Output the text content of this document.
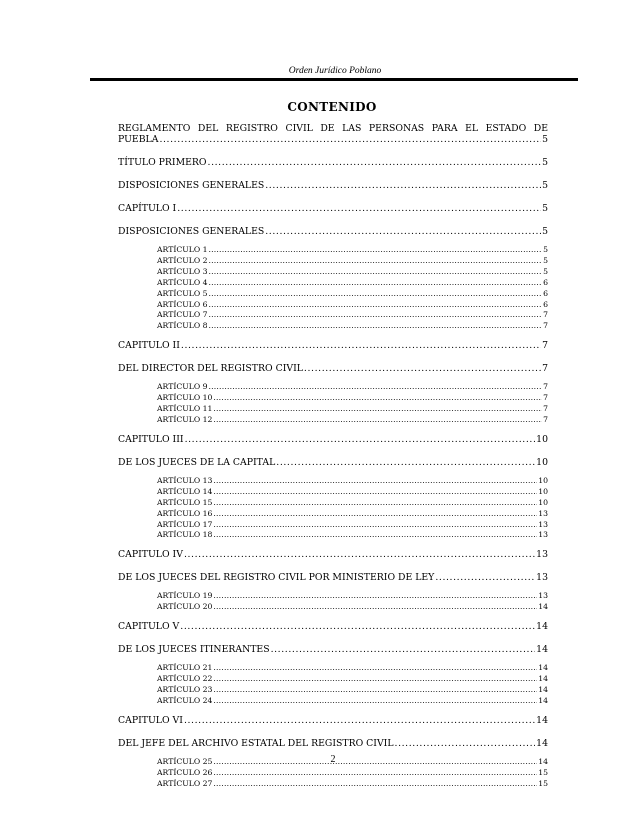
Orden Jurídico Poblano
CONTENIDO
REGLAMENTO DEL REGISTRO CIVIL DE LAS PERSONAS PARA EL ESTADO DE
PUEBLA .....	5
TÍTULO PRIMERO .....	5
DISPOSICIONES GENERALES .....	5
CAPÍTULO I .....	5
DISPOSICIONES GENERALES .....	5
ARTÍCULO 1 .....	5
ARTÍCULO 2 .....	5
ARTÍCULO 3 .....	5
ARTÍCULO 4 .....	6
ARTÍCULO 5 .....	6
ARTÍCULO 6 .....	6
ARTÍCULO 7 .....	7
ARTÍCULO 8 .....	7
CAPITULO II .....	7
DEL DIRECTOR DEL REGISTRO CIVIL .....	7
ARTÍCULO 9 .....	7
ARTÍCULO 10 .....	7
ARTÍCULO 11 .....	7
ARTÍCULO 12 .....	7
CAPITULO III .....	10
DE LOS JUECES DE LA CAPITAL .....	10
ARTÍCULO 13 .....	10
ARTÍCULO 14 .....	10
ARTÍCULO 15 .....	10
ARTÍCULO 16 .....	13
ARTÍCULO 17 .....	13
ARTÍCULO 18 .....	13
CAPITULO IV .....	13
DE LOS JUECES DEL REGISTRO CIVIL POR MINISTERIO DE LEY .....	13
ARTÍCULO 19 .....	13
ARTÍCULO 20 .....	14
CAPITULO V .....	14
DE LOS JUECES ITINERANTES .....	14
ARTÍCULO 21 .....	14
ARTÍCULO 22 .....	14
ARTÍCULO 23 .....	14
ARTÍCULO 24 .....	14
CAPITULO VI .....	14
DEL JEFE DEL ARCHIVO ESTATAL DEL REGISTRO CIVIL .....	14
ARTÍCULO 25 .....	14
ARTÍCULO 26 .....	15
ARTÍCULO 27 .....	15
2
